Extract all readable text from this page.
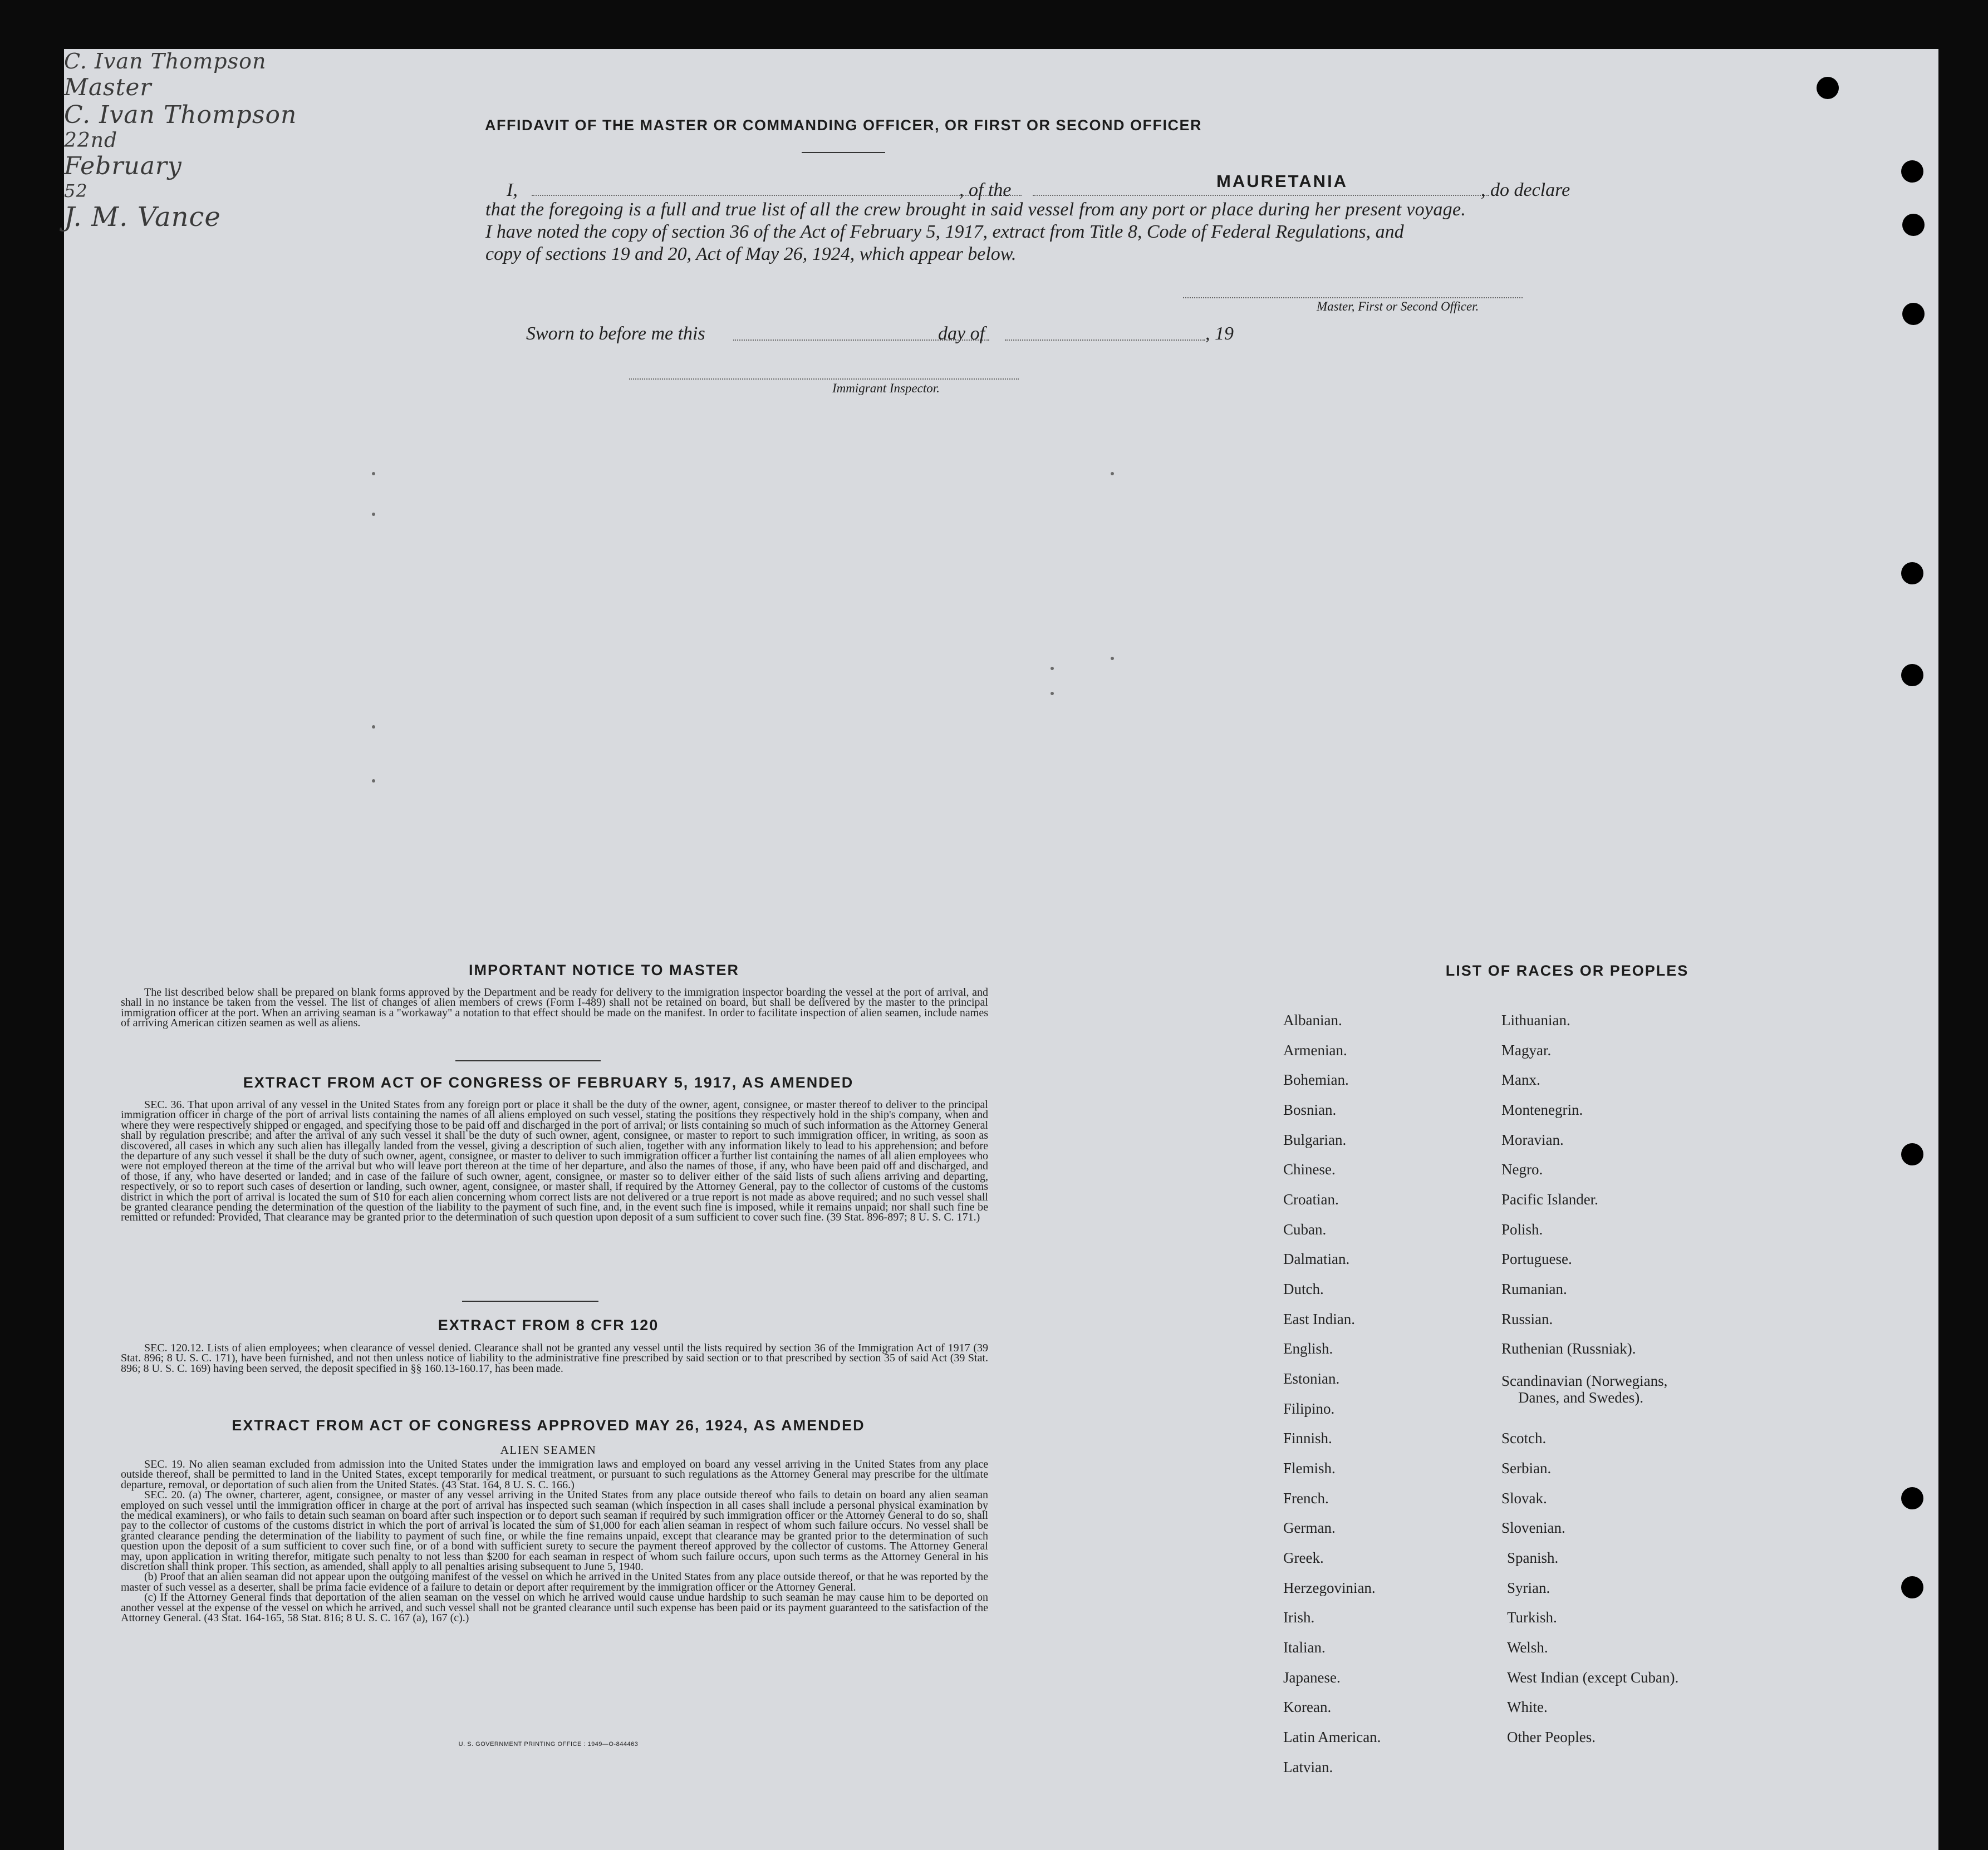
AFFIDAVIT OF THE MASTER OR COMMANDING OFFICER, OR FIRST OR SECOND OFFICER
I,
C. Ivan Thompson
Master
, of the	MAURETANIA	, do declare
that the foregoing is a full and true list of all the crew brought in said vessel from any port or place during her present voyage.
I have noted the copy of section 36 of the Act of February 5, 1917, extract from Title 8, Code of Federal Regulations, and
copy of sections 19 and 20, Act of May 26, 1924, which appear below.
C. Ivan Thompson
Master, First or Second Officer.
Sworn to before me this
22nd
day of
February
, 19
52
J. M. Vance
Immigrant Inspector.
IMPORTANT NOTICE TO MASTER

The list described below shall be prepared on blank forms approved by the Department and be ready for delivery to the immigration inspector boarding the vessel at the port of arrival, and shall in no instance be taken from the vessel. The list of changes of alien members of crews (Form I-489) shall not be retained on board, but shall be delivered by the master to the principal immigration officer at the port. When an arriving seaman is a "workaway" a notation to that effect should be made on the manifest. In order to facilitate inspection of alien seamen, include names of arriving American citizen seamen as well as aliens.

EXTRACT FROM ACT OF CONGRESS OF FEBRUARY 5, 1917, AS AMENDED

SEC. 36. That upon arrival of any vessel in the United States from any foreign port or place it shall be the duty of the owner, agent, consignee, or master thereof to deliver to the principal immigration officer in charge of the port of arrival lists containing the names of all aliens employed on such vessel, stating the positions they respectively hold in the ship's company, when and where they were respectively shipped or engaged, and specifying those to be paid off and discharged in the port of arrival; or lists containing so much of such information as the Attorney General shall by regulation prescribe; and after the arrival of any such vessel it shall be the duty of such owner, agent, consignee, or master to report to such immigration officer, in writing, as soon as discovered, all cases in which any such alien has illegally landed from the vessel, giving a description of such alien, together with any information likely to lead to his apprehension; and before the departure of any such vessel it shall be the duty of such owner, agent, consignee, or master to deliver to such immigration officer a further list containing the names of all alien employees who were not employed thereon at the time of the arrival but who will leave port thereon at the time of her departure, and also the names of those, if any, who have been paid off and discharged, and of those, if any, who have deserted or landed; and in case of the failure of such owner, agent, consignee, or master so to deliver either of the said lists of such aliens arriving and departing, respectively, or so to report such cases of desertion or landing, such owner, agent, consignee, or master shall, if required by the Attorney General, pay to the collector of customs of the customs district in which the port of arrival is located the sum of $10 for each alien concerning whom correct lists are not delivered or a true report is not made as above required; and no such vessel shall be granted clearance pending the determination of the question of the liability to the payment of such fine, and, in the event such fine is imposed, while it remains unpaid; nor shall such fine be remitted or refunded: Provided, That clearance may be granted prior to the determination of such question upon deposit of a sum sufficient to cover such fine. (39 Stat. 896-897; 8 U. S. C. 171.)

EXTRACT FROM 8 CFR 120

SEC. 120.12. Lists of alien employees; when clearance of vessel denied. Clearance shall not be granted any vessel until the lists required by section 36 of the Immigration Act of 1917 (39 Stat. 896; 8 U. S. C. 171), have been furnished, and not then unless notice of liability to the administrative fine prescribed by said section or to that prescribed by section 35 of said Act (39 Stat. 896; 8 U. S. C. 169) having been served, the deposit specified in §§ 160.13-160.17, has been made.

EXTRACT FROM ACT OF CONGRESS APPROVED MAY 26, 1924, AS AMENDED
ALIEN SEAMEN

SEC. 19. No alien seaman excluded from admission into the United States under the immigration laws and employed on board any vessel arriving in the United States from any place outside thereof, shall be permitted to land in the United States, except temporarily for medical treatment, or pursuant to such regulations as the Attorney General may prescribe for the ultimate departure, removal, or deportation of such alien from the United States. (43 Stat. 164, 8 U. S. C. 166.)

SEC. 20. (a) The owner, charterer, agent, consignee, or master of any vessel arriving in the United States from any place outside thereof who fails to detain on board any alien seaman employed on such vessel until the immigration officer in charge at the port of arrival has inspected such seaman (which inspection in all cases shall include a personal physical examination by the medical examiners), or who fails to detain such seaman on board after such inspection or to deport such seaman if required by such immigration officer or the Attorney General to do so, shall pay to the collector of customs of the customs district in which the port of arrival is located the sum of $1,000 for each alien seaman in respect of whom such failure occurs. No vessel shall be granted clearance pending the determination of the liability to payment of such fine, or while the fine remains unpaid, except that clearance may be granted prior to the determination of such question upon the deposit of a sum sufficient to cover such fine, or of a bond with sufficient surety to secure the payment thereof approved by the collector of customs. The Attorney General may, upon application in writing therefor, mitigate such penalty to not less than $200 for each seaman in respect of whom such failure occurs, upon such terms as the Attorney General in his discretion shall think proper. This section, as amended, shall apply to all penalties arising subsequent to June 5, 1940.

(b) Proof that an alien seaman did not appear upon the outgoing manifest of the vessel on which he arrived in the United States from any place outside thereof, or that he was reported by the master of such vessel as a deserter, shall be prima facie evidence of a failure to detain or deport after requirement by the immigration officer or the Attorney General.

(c) If the Attorney General finds that deportation of the alien seaman on the vessel on which he arrived would cause undue hardship to such seaman he may cause him to be deported on another vessel at the expense of the vessel on which he arrived, and such vessel shall not be granted clearance until such expense has been paid or its payment guaranteed to the satisfaction of the Attorney General. (43 Stat. 164-165, 58 Stat. 816; 8 U. S. C. 167 (a), 167 (c).)

U. S. GOVERNMENT PRINTING OFFICE : 1949—O-844463
LIST OF RACES OR PEOPLES
Albanian.
Armenian.
Bohemian.
Bosnian.
Bulgarian.
Chinese.
Croatian.
Cuban.
Dalmatian.
Dutch.
East Indian.
English.
Estonian.
Filipino.
Finnish.
Flemish.
French.
German.
Greek.
Herzegovinian.
Irish.
Italian.
Japanese.
Korean.
Latin American.
Latvian.
Lithuanian.
Magyar.
Manx.
Montenegrin.
Moravian.
Negro.
Pacific Islander.
Polish.
Portuguese.
Rumanian.
Russian.
Ruthenian (Russniak).
Scandinavian (Norwegians,
Danes, and Swedes).
Scotch.
Serbian.
Slovak.
Slovenian.
Spanish.
Syrian.
Turkish.
Welsh.
West Indian (except Cuban).
White.
Other Peoples.
